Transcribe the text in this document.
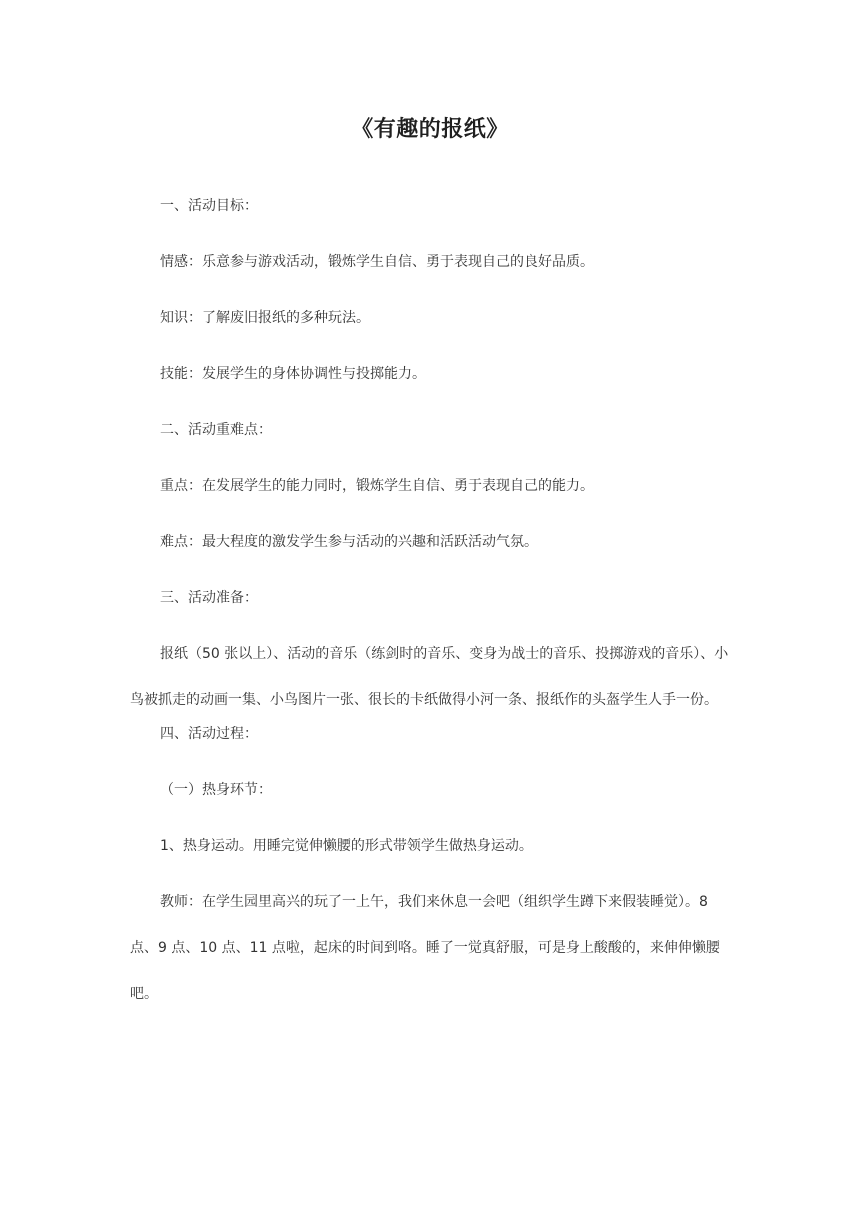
《有趣的报纸》

一、活动目标：

情感：乐意参与游戏活动，锻炼学生自信、勇于表现自己的良好品质。

知识：了解废旧报纸的多种玩法。

技能：发展学生的身体协调性与投掷能力。

二、活动重难点：

重点：在发展学生的能力同时，锻炼学生自信、勇于表现自己的能力。

难点：最大程度的激发学生参与活动的兴趣和活跃活动气氛。

三、活动准备：

报纸（50 张以上）、活动的音乐（练剑时的音乐、变身为战士的音乐、投掷游戏的音乐）、小鸟被抓走的动画一集、小鸟图片一张、很长的卡纸做得小河一条、报纸作的头盔学生人手一份。

四、活动过程：

（一）热身环节：

1、热身运动。用睡完觉伸懒腰的形式带领学生做热身运动。

教师：在学生园里高兴的玩了一上午，我们来休息一会吧（组织学生蹲下来假装睡觉）。8 点、9 点、10 点、11 点啦，起床的时间到咯。睡了一觉真舒服，可是身上酸酸的，来伸伸懒腰吧。
